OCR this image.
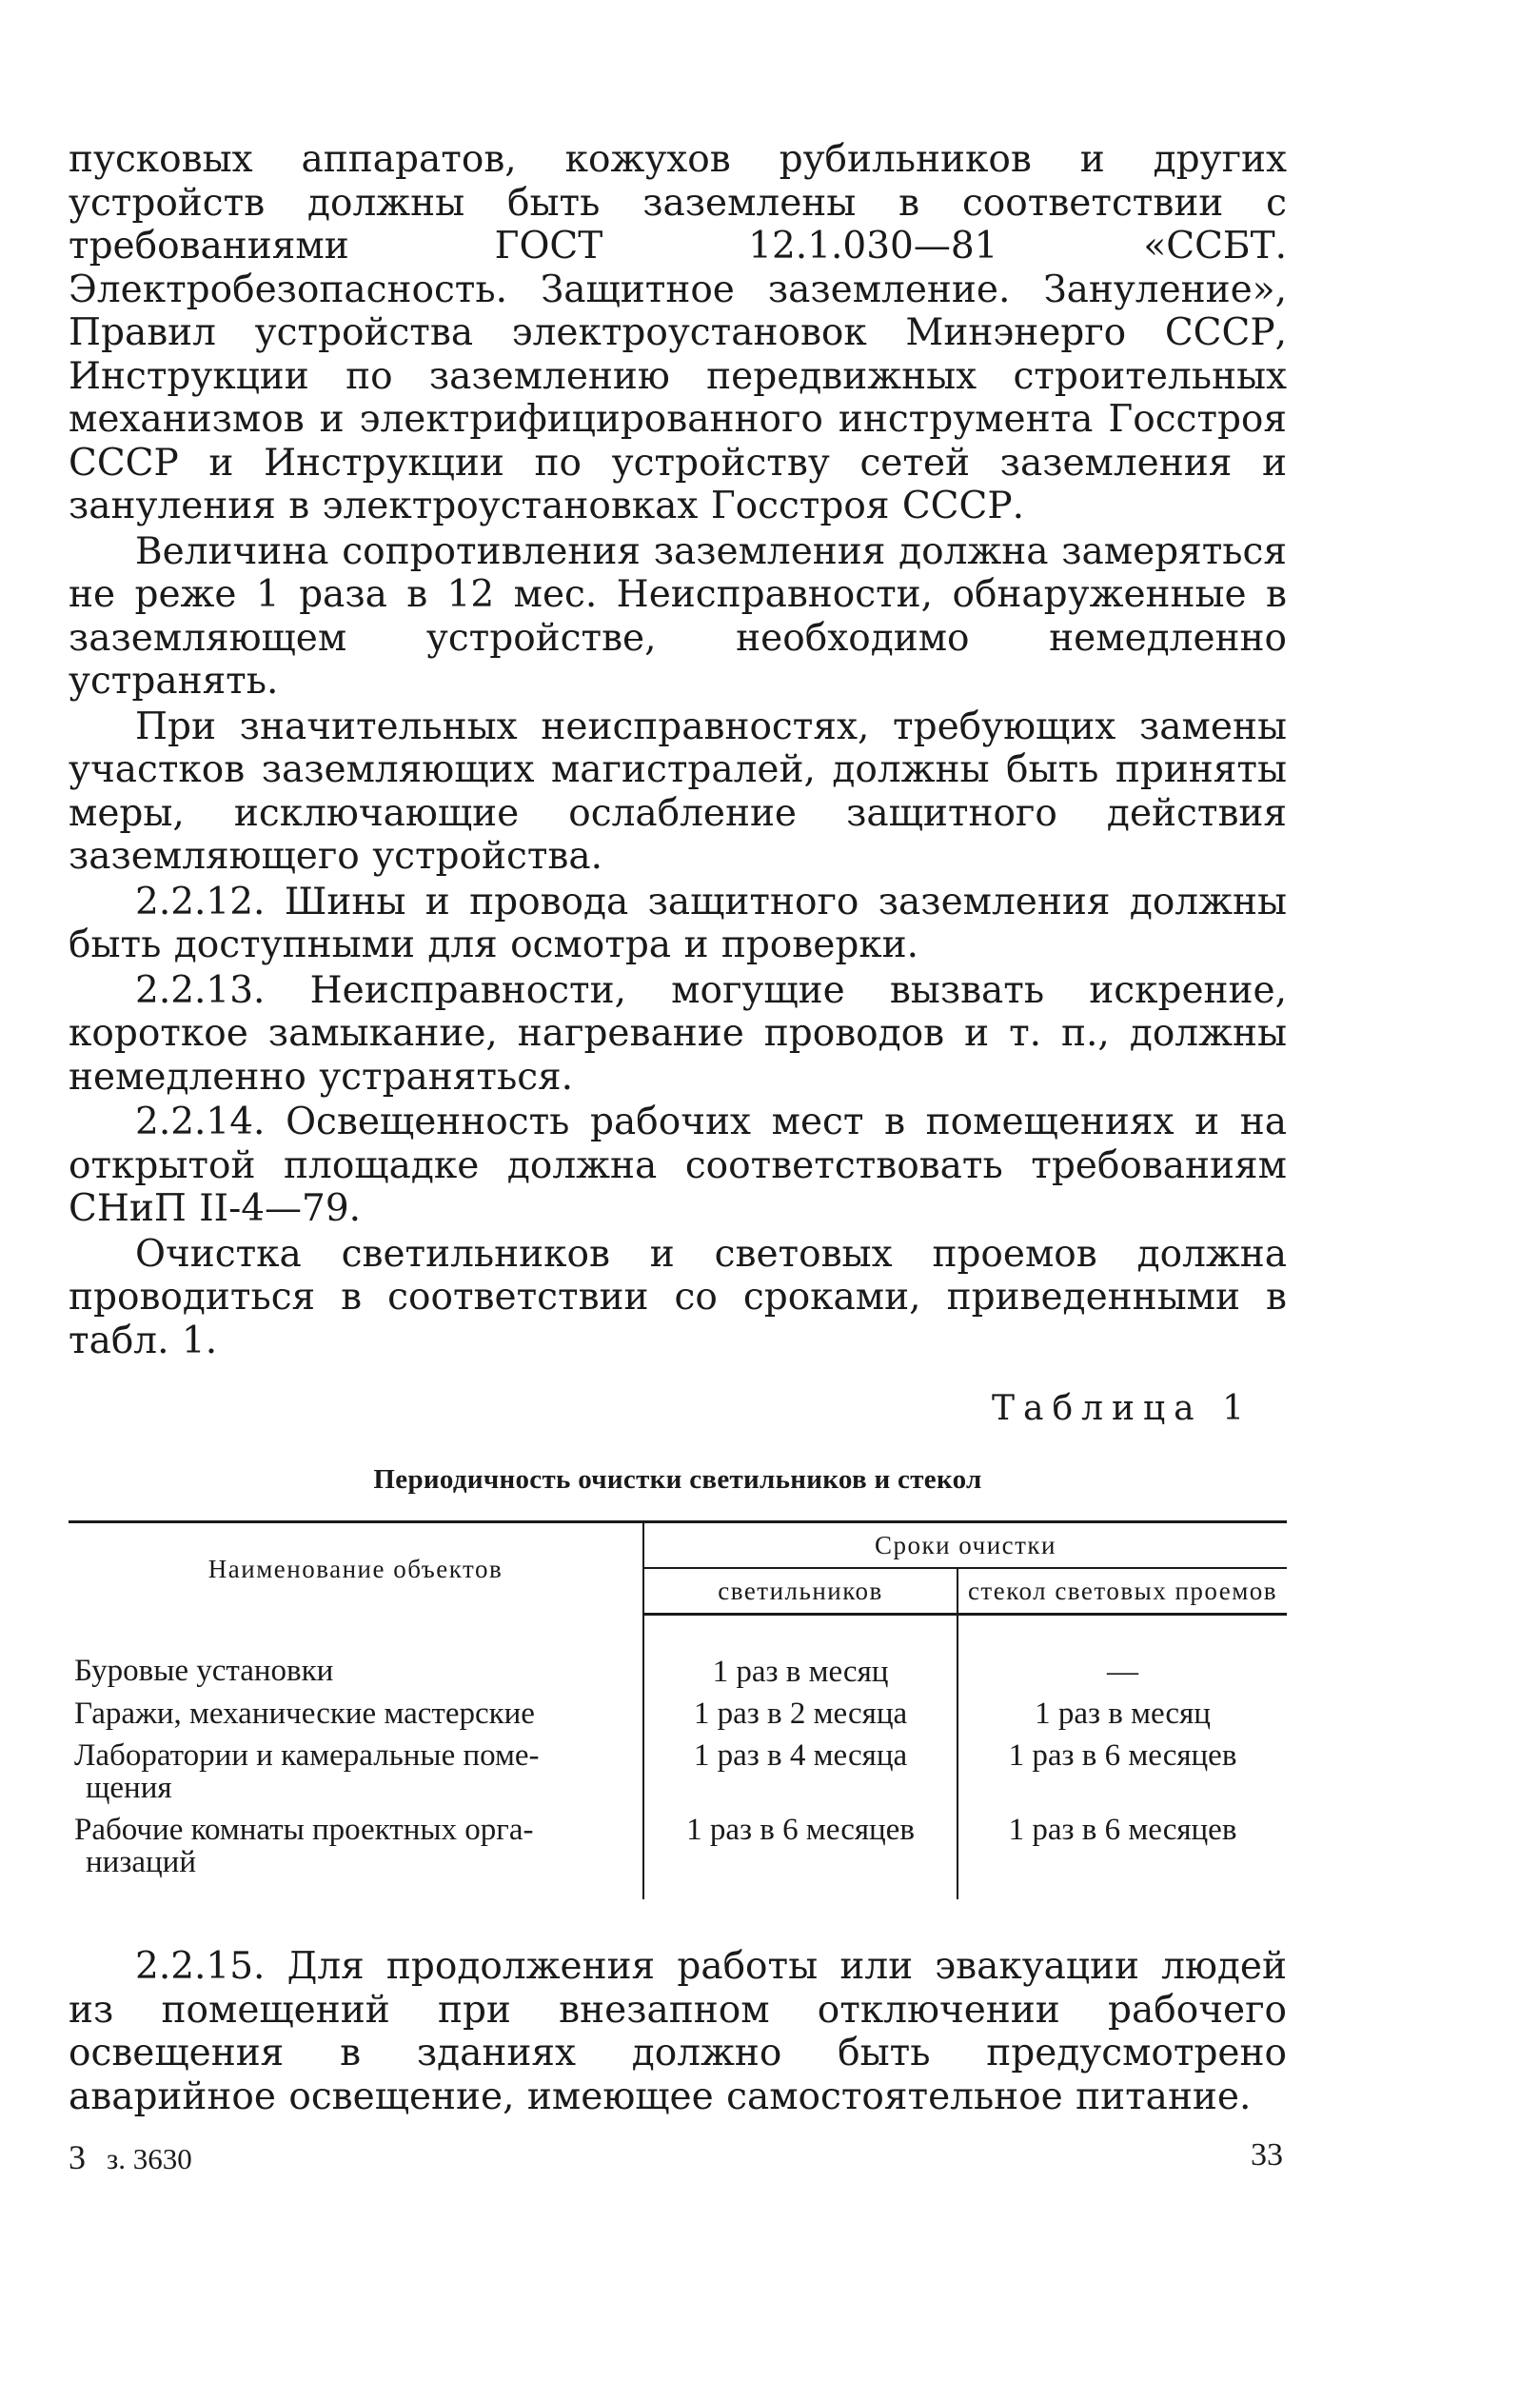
пусковых аппаратов, кожухов рубильников и других устройств должны быть заземлены в соответствии с требованиями ГОСТ 12.1.030—81 «ССБТ. Электробезопасность. Защитное заземление. Зануление», Правил устройства электроустановок Минэнерго СССР, Инструкции по заземлению передвижных строительных механизмов и электрифицированного инструмента Госстроя СССР и Инструкции по устройству сетей заземления и зануления в электроустановках Госстроя СССР.

Величина сопротивления заземления должна замеряться не реже 1 раза в 12 мес. Неисправности, обнаруженные в заземляющем устройстве, необходимо немедленно устранять.

При значительных неисправностях, требующих замены участков заземляющих магистралей, должны быть приняты меры, исключающие ослабление защитного действия заземляющего устройства.

2.2.12. Шины и провода защитного заземления должны быть доступными для осмотра и проверки.

2.2.13. Неисправности, могущие вызвать искрение, короткое замыкание, нагревание проводов и т. п., должны немедленно устраняться.

2.2.14. Освещенность рабочих мест в помещениях и на открытой площадке должна соответствовать требованиям СНиП II-4—79.

Очистка светильников и световых проемов должна проводиться в соответствии со сроками, приведенными в табл. 1.

Таблица 1
Периодичность очистки светильников и стекол
Наименование объектов	Сроки очистки	
	светильников	стекол световых проемов

Буровые установки	1 раз в месяц	—

Гаражи, механические мастерские	1 раз в 2 месяца	1 раз в месяц

Лаборатории и камеральные поме-
щения	1 раз в 4 месяца	1 раз в 6 месяцев

Рабочие комнаты проектных орга-
низаций	1 раз в 6 месяцев	1 раз в 6 месяцев

2.2.15. Для продолжения работы или эвакуации людей из помещений при внезапном отключении рабочего освещения в зданиях должно быть предусмотрено аварийное освещение, имеющее самостоятельное питание.

3 з. 3630	33
